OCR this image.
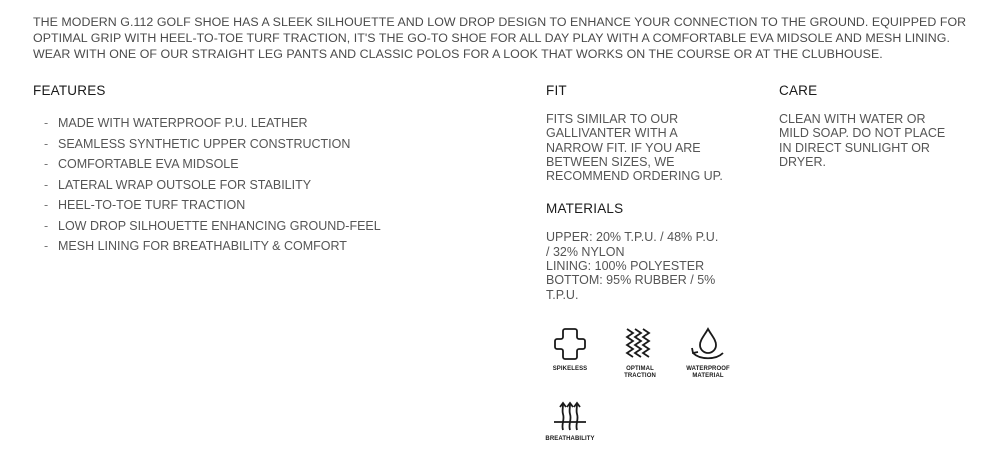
THE MODERN G.112 GOLF SHOE HAS A SLEEK SILHOUETTE AND LOW DROP DESIGN TO ENHANCE YOUR CONNECTION TO THE GROUND. EQUIPPED FOR OPTIMAL GRIP WITH HEEL-TO-TOE TURF TRACTION, IT'S THE GO-TO SHOE FOR ALL DAY PLAY WITH A COMFORTABLE EVA MIDSOLE AND MESH LINING. WEAR WITH ONE OF OUR STRAIGHT LEG PANTS AND CLASSIC POLOS FOR A LOOK THAT WORKS ON THE COURSE OR AT THE CLUBHOUSE.
FEATURES
- MADE WITH WATERPROOF P.U. LEATHER
- SEAMLESS SYNTHETIC UPPER CONSTRUCTION
- COMFORTABLE EVA MIDSOLE
- LATERAL WRAP OUTSOLE FOR STABILITY
- HEEL-TO-TOE TURF TRACTION
- LOW DROP SILHOUETTE ENHANCING GROUND-FEEL
- MESH LINING FOR BREATHABILITY & COMFORT
FIT
FITS SIMILAR TO OUR
GALLIVANTER WITH A
NARROW FIT. IF YOU ARE
BETWEEN SIZES, WE
RECOMMEND ORDERING UP.
MATERIALS
UPPER: 20% T.P.U. / 48% P.U.
/ 32% NYLON
LINING: 100% POLYESTER
BOTTOM: 95% RUBBER / 5%
T.P.U.
CARE
CLEAN WITH WATER OR
MILD SOAP. DO NOT PLACE
IN DIRECT SUNLIGHT OR
DRYER.
SPIKELESS	OPTIMAL
TRACTION
WATERPROOF
MATERIAL
BREATHABILITY
